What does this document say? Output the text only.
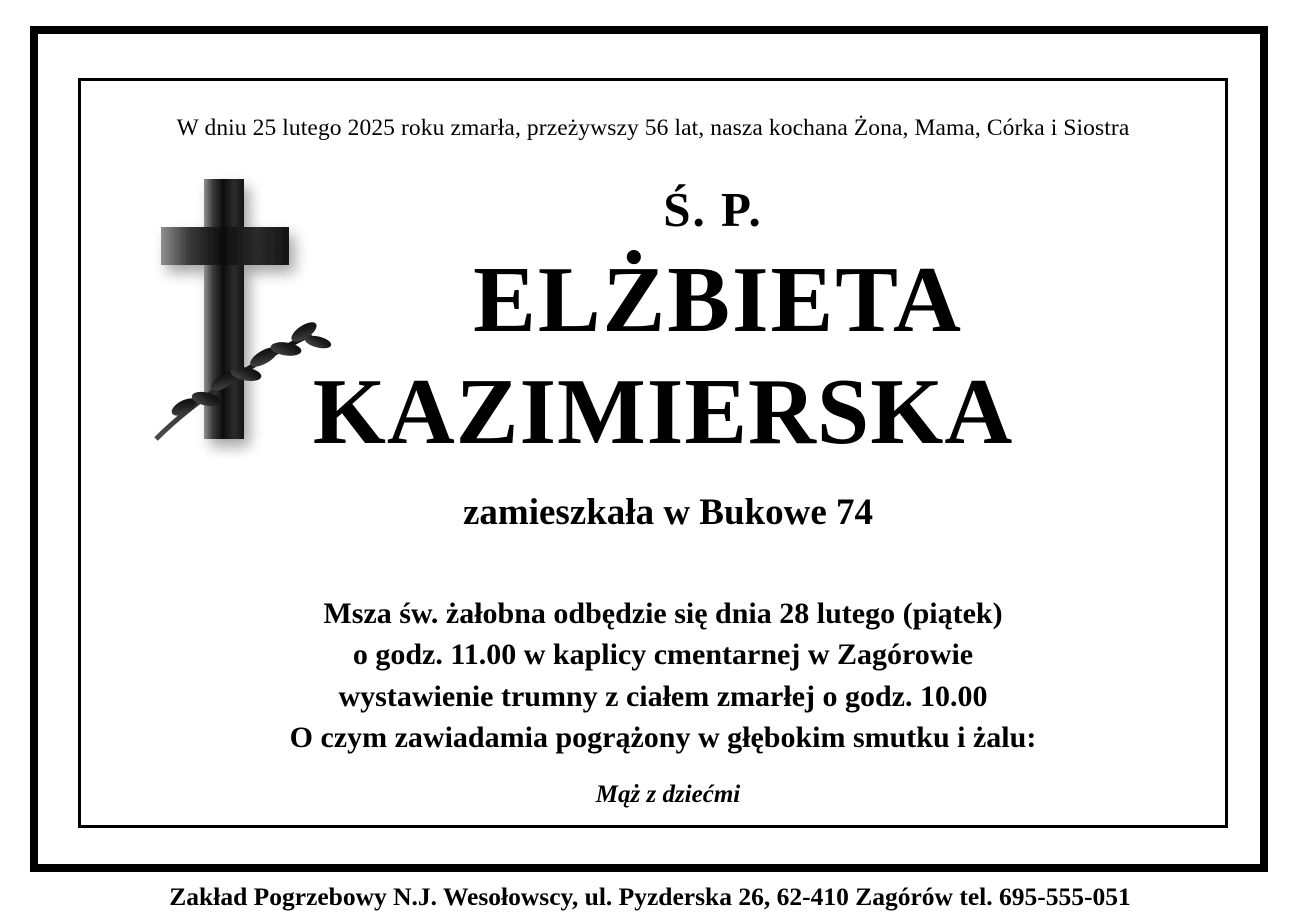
W dniu 25 lutego 2025 roku zmarła, przeżywszy 56 lat, nasza kochana Żona, Mama, Córka i Siostra
Ś. P.
ELŻBIETA
KAZIMIERSKA
zamieszkała w Bukowe 74
Msza św. żałobna odbędzie się dnia 28 lutego (piątek)
o godz. 11.00 w kaplicy cmentarnej w Zagórowie
wystawienie trumny z ciałem zmarłej o godz. 10.00
O czym zawiadamia pogrążony w głębokim smutku i żalu:
Mąż z dziećmi
Zakład Pogrzebowy N.J. Wesołowscy, ul. Pyzderska 26, 62-410 Zagórów tel. 695-555-051
